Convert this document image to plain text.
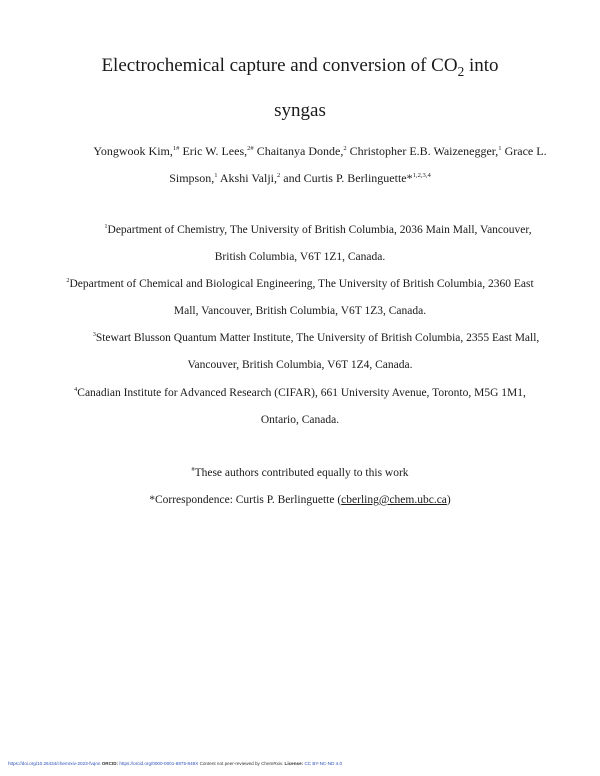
Electrochemical capture and conversion of $CO_2$ into
syngas
Yongwook Kim,$^{1\#}$ Eric W. Lees,$^{2\#}$ Chaitanya Donde,$^2$ Christopher E.B. Waizenegger,$^1$ Grace L.
Simpson,$^1$ Akshi Valji,$^2$ and Curtis P. Berlinguette*$^{1,2,3,4}$
$^1$Department of Chemistry, The University of British Columbia, 2036 Main Mall, Vancouver,
British Columbia, V6T 1Z1, Canada.
$^2$Department of Chemical and Biological Engineering, The University of British Columbia, 2360 East
Mall, Vancouver, British Columbia, V6T 1Z3, Canada.
$^3$Stewart Blusson Quantum Matter Institute, The University of British Columbia, 2355 East Mall,
Vancouver, British Columbia, V6T 1Z4, Canada.
$^4$Canadian Institute for Advanced Research (CIFAR), 661 University Avenue, Toronto, M5G 1M1,
Ontario, Canada.
#These authors contributed equally to this work
*Correspondence: Curtis P. Berlinguette (cberling@chem.ubc.ca)
https://doi.org/10.26434/chemrxiv-2023-fvqnn ORCID: https://orcid.org/0000-0001-6875-849X Content not peer-reviewed by ChemRxiv. License: CC BY-NC-ND 4.0
